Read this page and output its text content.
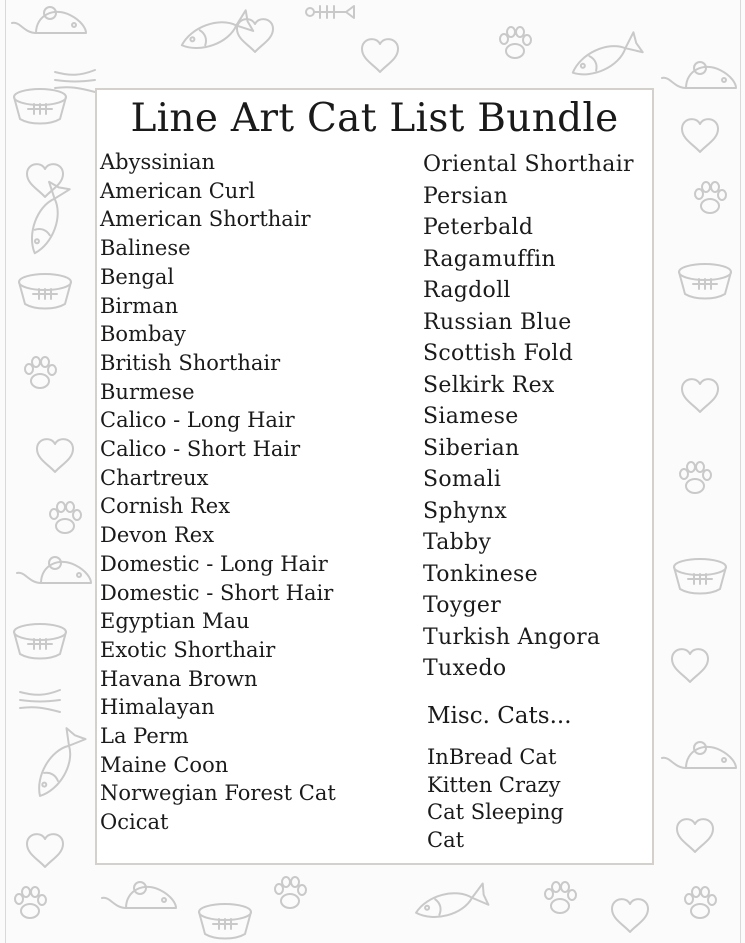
Line Art Cat List Bundle
Abyssinian
American Curl
American Shorthair
Balinese
Bengal
Birman
Bombay
British Shorthair
Burmese
Calico - Long Hair
Calico - Short Hair
Chartreux
Cornish Rex
Devon Rex
Domestic - Long Hair
Domestic - Short Hair
Egyptian Mau
Exotic Shorthair
Havana Brown
Himalayan
La Perm
Maine Coon
Norwegian Forest Cat
Ocicat
Oriental Shorthair
Persian
Peterbald
Ragamuffin
Ragdoll
Russian Blue
Scottish Fold
Selkirk Rex
Siamese
Siberian
Somali
Sphynx
Tabby
Tonkinese
Toyger
Turkish Angora
Tuxedo
Misc. Cats...
InBread Cat
Kitten Crazy
Cat Sleeping
Cat
